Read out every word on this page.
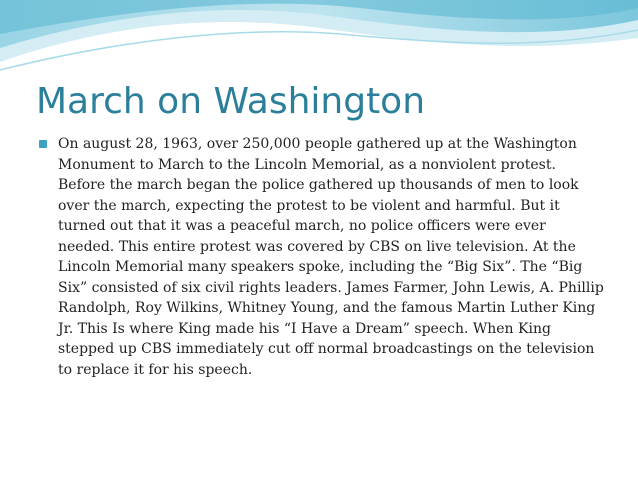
March on Washington

On august 28, 1963, over 250,000 people gathered up at the Washington Monument to March to the Lincoln Memorial, as a nonviolent protest. Before the march began the police gathered up thousands of men to look over the march, expecting the protest to be violent and harmful. But it turned out that it was a peaceful march, no police officers were ever needed. This entire protest was covered by CBS on live television. At the Lincoln Memorial many speakers spoke, including the “Big Six”. The “Big Six” consisted of six civil rights leaders. James Farmer, John Lewis, A. Phillip Randolph, Roy Wilkins, Whitney Young, and the famous Martin Luther King Jr. This Is where King made his “I Have a Dream” speech. When King stepped up CBS immediately cut off normal broadcastings on the television to replace it for his speech.
